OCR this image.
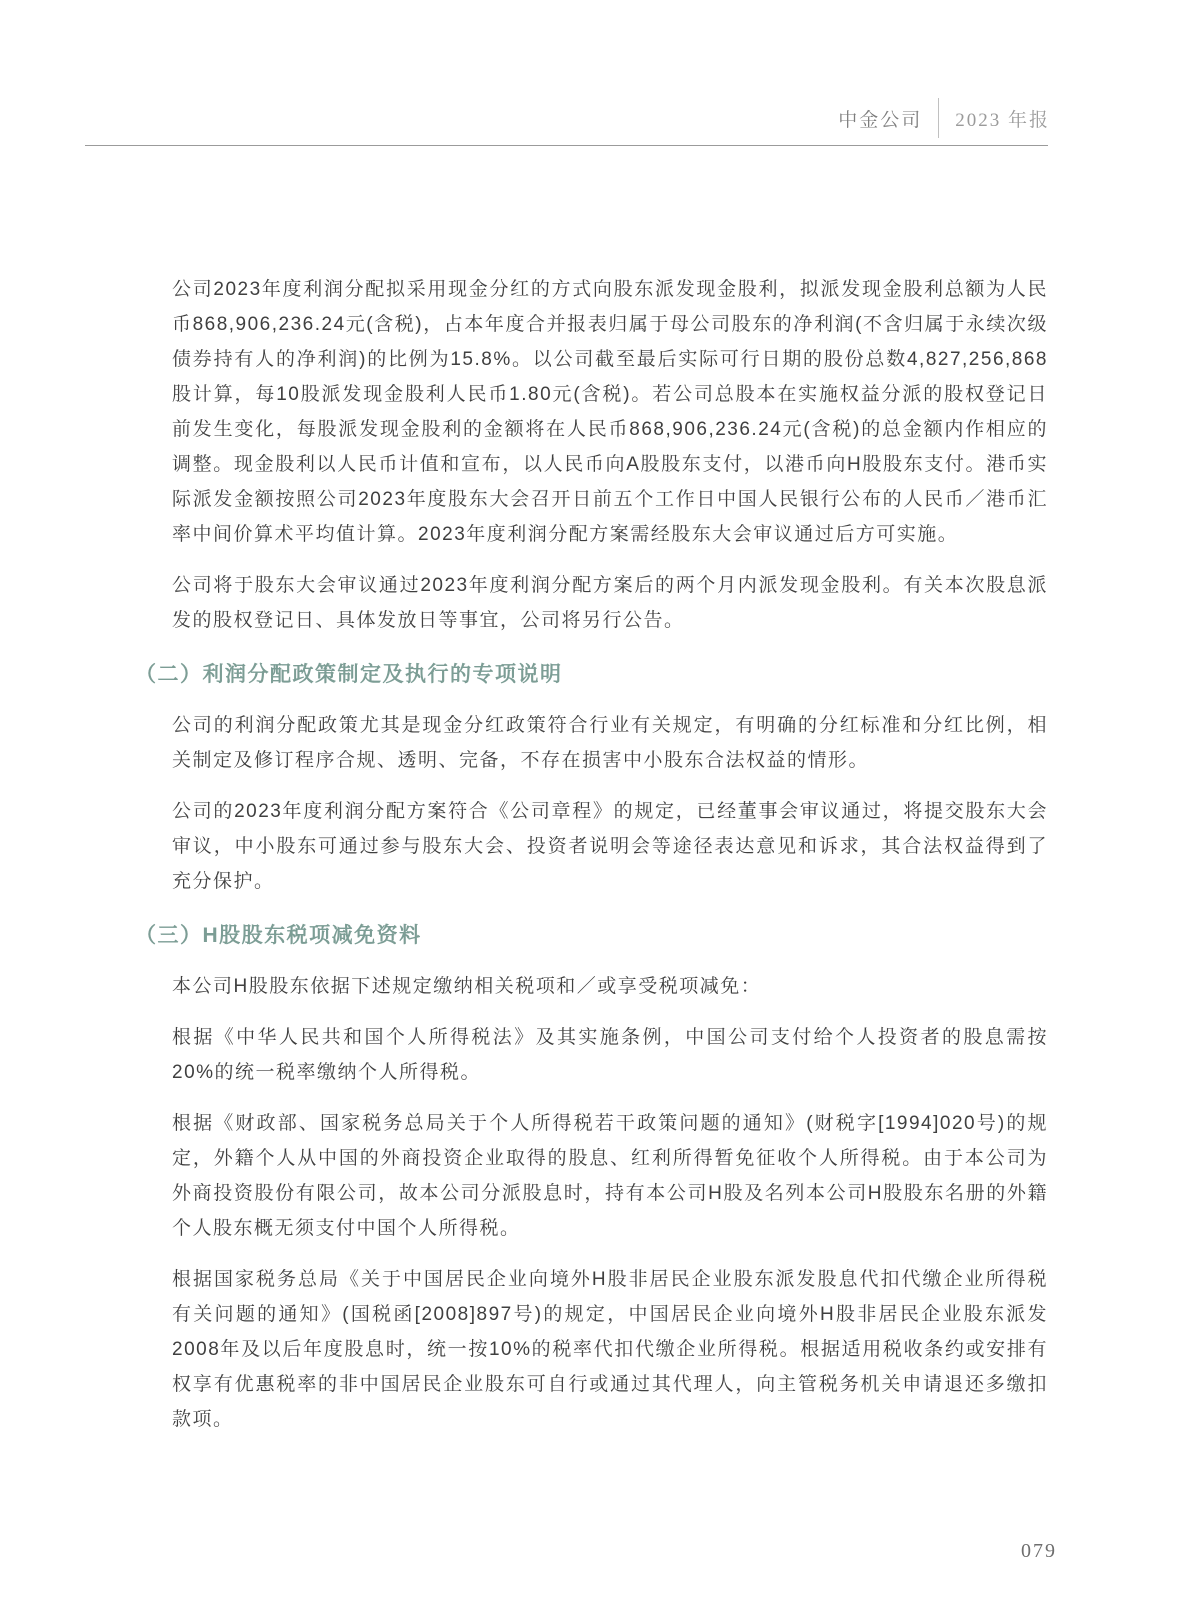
中金公司	2023 年报

公司2023年度利润分配拟采用现金分红的方式向股东派发现金股利，拟派发现金股利总额为人民币868,906,236.24元(含税)，占本年度合并报表归属于母公司股东的净利润(不含归属于永续次级债券持有人的净利润)的比例为15.8%。以公司截至最后实际可行日期的股份总数4,827,256,868股计算，每10股派发现金股利人民币1.80元(含税)。若公司总股本在实施权益分派的股权登记日前发生变化，每股派发现金股利的金额将在人民币868,906,236.24元(含税)的总金额内作相应的调整。现金股利以人民币计值和宣布，以人民币向A股股东支付，以港币向H股股东支付。港币实际派发金额按照公司2023年度股东大会召开日前五个工作日中国人民银行公布的人民币／港币汇率中间价算术平均值计算。2023年度利润分配方案需经股东大会审议通过后方可实施。

公司将于股东大会审议通过2023年度利润分配方案后的两个月内派发现金股利。有关本次股息派发的股权登记日、具体发放日等事宜，公司将另行公告。

（二）利润分配政策制定及执行的专项说明

公司的利润分配政策尤其是现金分红政策符合行业有关规定，有明确的分红标准和分红比例，相关制定及修订程序合规、透明、完备，不存在损害中小股东合法权益的情形。

公司的2023年度利润分配方案符合《公司章程》的规定，已经董事会审议通过，将提交股东大会审议，中小股东可通过参与股东大会、投资者说明会等途径表达意见和诉求，其合法权益得到了充分保护。

（三）H股股东税项减免资料

本公司H股股东依据下述规定缴纳相关税项和／或享受税项减免：

根据《中华人民共和国个人所得税法》及其实施条例，中国公司支付给个人投资者的股息需按20%的统一税率缴纳个人所得税。

根据《财政部、国家税务总局关于个人所得税若干政策问题的通知》(财税字[1994]020号)的规定，外籍个人从中国的外商投资企业取得的股息、红利所得暂免征收个人所得税。由于本公司为外商投资股份有限公司，故本公司分派股息时，持有本公司H股及名列本公司H股股东名册的外籍个人股东概无须支付中国个人所得税。

根据国家税务总局《关于中国居民企业向境外H股非居民企业股东派发股息代扣代缴企业所得税有关问题的通知》(国税函[2008]897号)的规定，中国居民企业向境外H股非居民企业股东派发2008年及以后年度股息时，统一按10%的税率代扣代缴企业所得税。根据适用税收条约或安排有权享有优惠税率的非中国居民企业股东可自行或通过其代理人，向主管税务机关申请退还多缴扣款项。

079
